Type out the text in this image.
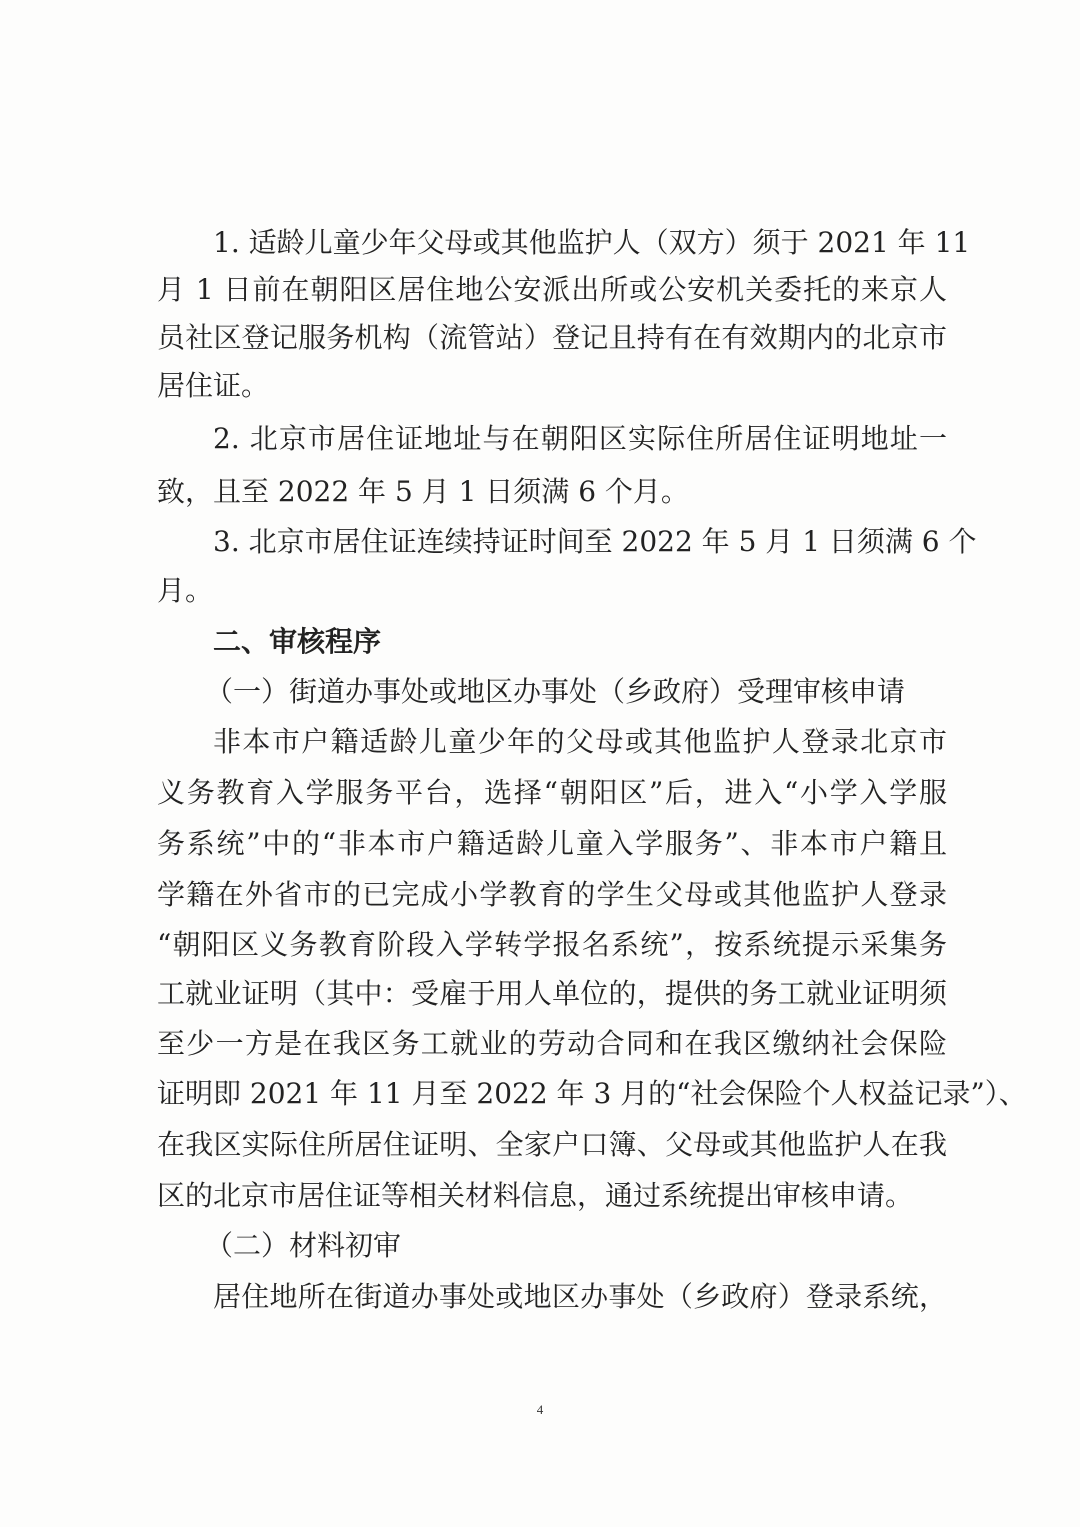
1. 适龄儿童少年父母或其他监护人（双方）须于 2021 年 11

月 1 日前在朝阳区居住地公安派出所或公安机关委托的来京人

员社区登记服务机构（流管站）登记且持有在有效期内的北京市

居住证。

2. 北京市居住证地址与在朝阳区实际住所居住证明地址一

致，且至 2022 年 5 月 1 日须满 6 个月。

3. 北京市居住证连续持证时间至 2022 年 5 月 1 日须满 6 个

月。

二、审核程序

（一）街道办事处或地区办事处（乡政府）受理审核申请

非本市户籍适龄儿童少年的父母或其他监护人登录北京市

义务教育入学服务平台，选择“朝阳区”后，进入“小学入学服

务系统”中的“非本市户籍适龄儿童入学服务”、非本市户籍且

学籍在外省市的已完成小学教育的学生父母或其他监护人登录

“朝阳区义务教育阶段入学转学报名系统”，按系统提示采集务

工就业证明（其中：受雇于用人单位的，提供的务工就业证明须

至少一方是在我区务工就业的劳动合同和在我区缴纳社会保险

证明即 2021 年 11 月至 2022 年 3 月的“社会保险个人权益记录”）、

在我区实际住所居住证明、全家户口簿、父母或其他监护人在我

区的北京市居住证等相关材料信息，通过系统提出审核申请。

（二）材料初审

居住地所在街道办事处或地区办事处（乡政府）登录系统，

4
